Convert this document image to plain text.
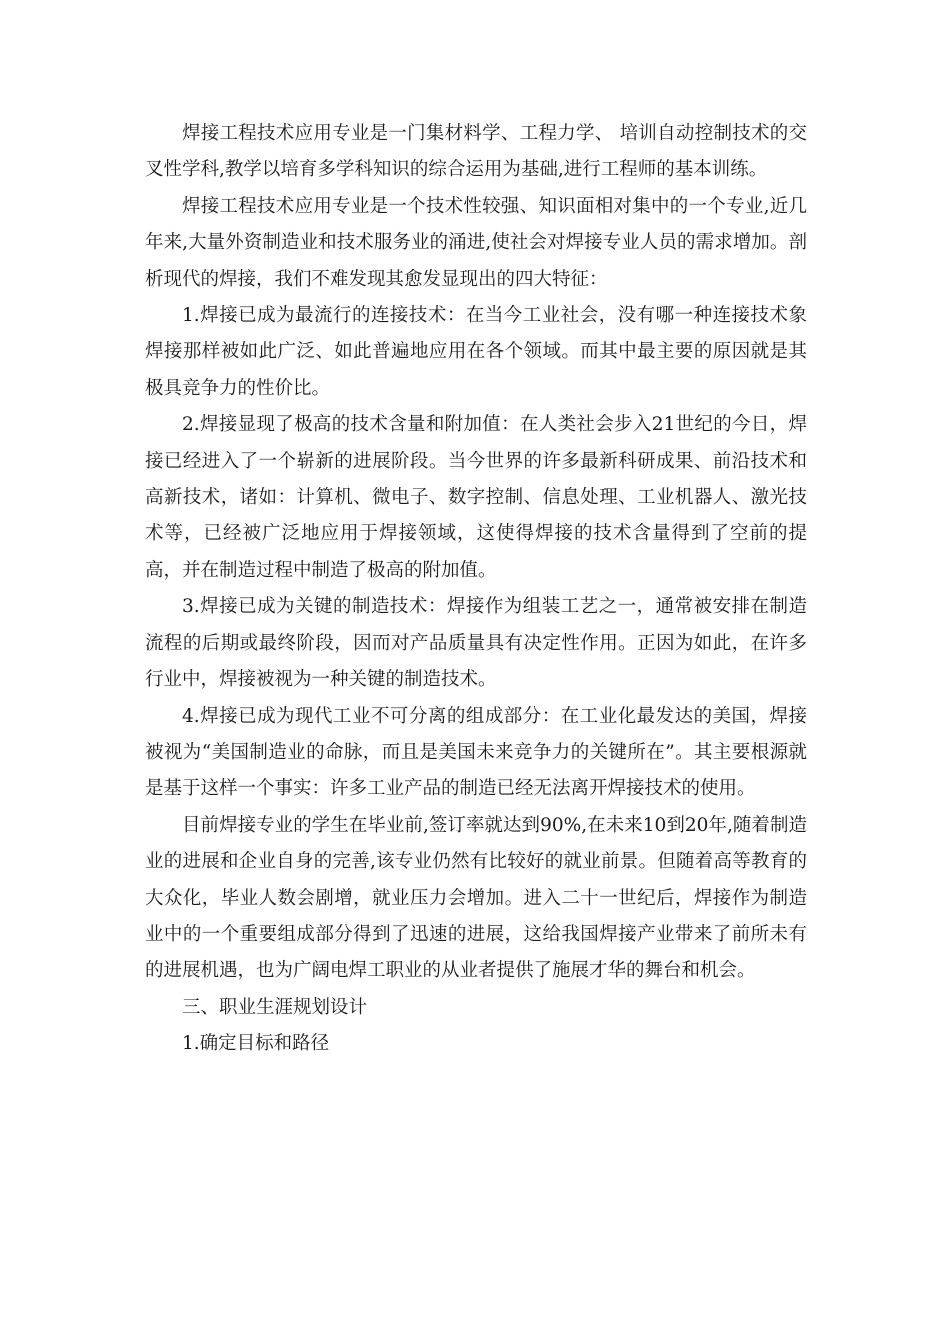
焊接工程技术应用专业是一门集材料学、工程力学、 培训自动控制技术的交叉性学科,教学以培育多学科知识的综合运用为基础,进行工程师的基本训练。

焊接工程技术应用专业是一个技术性较强、知识面相对集中的一个专业,近几年来,大量外资制造业和技术服务业的涌进,使社会对焊接专业人员的需求增加。剖析现代的焊接，我们不难发现其愈发显现出的四大特征：

1.焊接已成为最流行的连接技术：在当今工业社会，没有哪一种连接技术象焊接那样被如此广泛、如此普遍地应用在各个领域。而其中最主要的原因就是其极具竞争力的性价比。

2.焊接显现了极高的技术含量和附加值：在人类社会步入21世纪的今日，焊接已经进入了一个崭新的进展阶段。当今世界的许多最新科研成果、前沿技术和高新技术，诸如：计算机、微电子、数字控制、信息处理、工业机器人、激光技术等，已经被广泛地应用于焊接领域，这使得焊接的技术含量得到了空前的提高，并在制造过程中制造了极高的附加值。

3.焊接已成为关键的制造技术：焊接作为组装工艺之一，通常被安排在制造流程的后期或最终阶段，因而对产品质量具有决定性作用。正因为如此，在许多行业中，焊接被视为一种关键的制造技术。

4.焊接已成为现代工业不可分离的组成部分：在工业化最发达的美国，焊接被视为“美国制造业的命脉，而且是美国未来竞争力的关键所在”。其主要根源就是基于这样一个事实：许多工业产品的制造已经无法离开焊接技术的使用。

目前焊接专业的学生在毕业前,签订率就达到90%,在未来10到20年,随着制造业的进展和企业自身的完善,该专业仍然有比较好的就业前景。但随着高等教育的大众化，毕业人数会剧增，就业压力会增加。进入二十一世纪后，焊接作为制造业中的一个重要组成部分得到了迅速的进展，这给我国焊接产业带来了前所未有的进展机遇，也为广阔电焊工职业的从业者提供了施展才华的舞台和机会。

三、职业生涯规划设计

1.确定目标和路径
